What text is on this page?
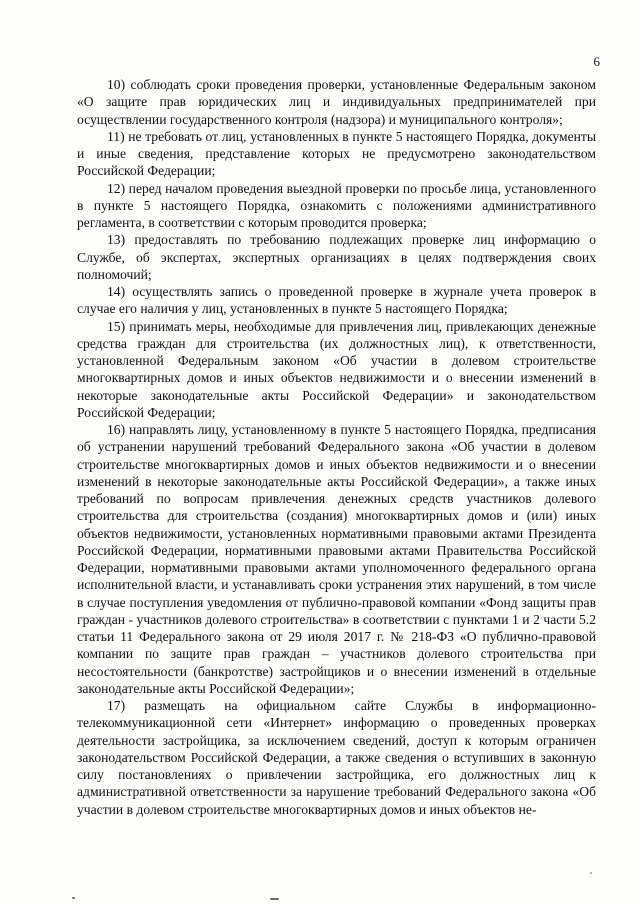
6

10) соблюдать сроки проведения проверки, установленные Федеральным законом «О защите прав юридических лиц и индивидуальных предпринимателей при осуществлении государственного контроля (надзора) и муниципального контроля»;

11) не требовать от лиц, установленных в пункте 5 настоящего Порядка, документы и иные сведения, представление которых не предусмотрено законодательством Российской Федерации;

12) перед началом проведения выездной проверки по просьбе лица, установленного в пункте 5 настоящего Порядка, ознакомить с положениями административного регламента, в соответствии с которым проводится проверка;

13) предоставлять по требованию подлежащих проверке лиц информацию о Службе, об экспертах, экспертных организациях в целях подтверждения своих полномочий;

14) осуществлять запись о проведенной проверке в журнале учета проверок в случае его наличия у лиц, установленных в пункте 5 настоящего Порядка;

15) принимать меры, необходимые для привлечения лиц, привлекающих денежные средства граждан для строительства (их должностных лиц), к ответственности, установленной Федеральным законом «Об участии в долевом строительстве многоквартирных домов и иных объектов недвижимости и о внесении изменений в некоторые законодательные акты Российской Федерации» и законодательством Российской Федерации;

16) направлять лицу, установленному в пункте 5 настоящего Порядка, предписания об устранении нарушений требований Федерального закона «Об участии в долевом строительстве многоквартирных домов и иных объектов недвижимости и о внесении изменений в некоторые законодательные акты Российской Федерации», а также иных требований по вопросам привлечения денежных средств участников долевого строительства для строительства (создания) многоквартирных домов и (или) иных объектов недвижимости, установленных нормативными правовыми актами Президента Российской Федерации, нормативными правовыми актами Правительства Российской Федерации, нормативными правовыми актами уполномоченного федерального органа исполнительной власти, и устанавливать сроки устранения этих нарушений, в том числе в случае поступления уведомления от публично-правовой компании «Фонд защиты прав граждан - участников долевого строительства» в соответствии с пунктами 1 и 2 части 5.2 статьи 11 Федерального закона от 29 июля 2017 г. № 218-ФЗ «О публично-правовой компании по защите прав граждан – участников долевого строительства при несостоятельности (банкротстве) застройщиков и о внесении изменений в отдельные законодательные акты Российской Федерации»;

17) размещать на официальном сайте Службы в информационно-телекоммуникационной сети «Интернет» информацию о проведенных проверках деятельности застройщика, за исключением сведений, доступ к которым ограничен законодательством Российской Федерации, а также сведения о вступивших в законную силу постановлениях о привлечении застройщика, его должностных лиц к административной ответственности за нарушение требований Федерального закона «Об участии в долевом строительстве многоквартирных домов и иных объектов не-
